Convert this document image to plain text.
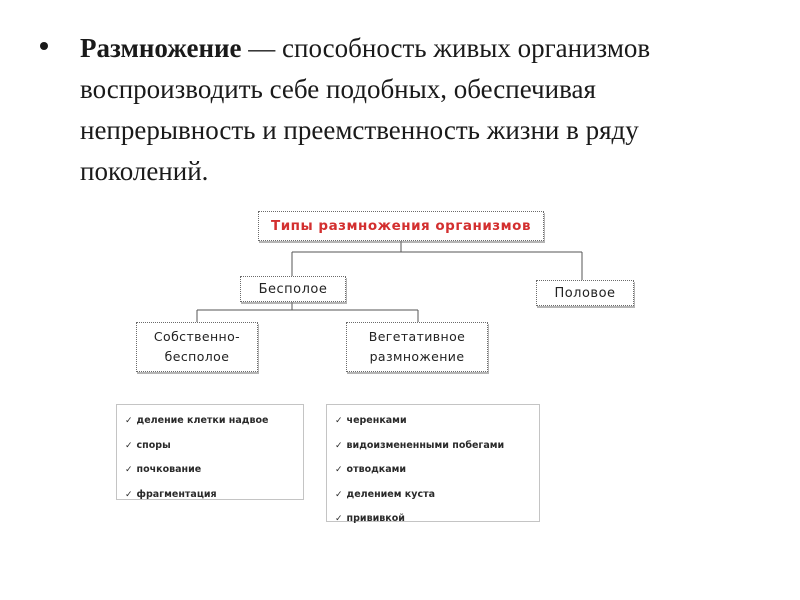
Размножение — способность живых организмов воспроизводить себе подобных, обеспечивая непрерывность и преемственность жизни в ряду поколений.
Типы размножения организмов
Бесполое	Половое
Собственно-
бесполое
Вегетативное
размножение
✓ деление клетки надвое
✓ споры
✓ почкование
✓ фрагментация
✓ черенками
✓ видоизмененными побегами
✓ отводками
✓ делением куста
✓ прививкой
